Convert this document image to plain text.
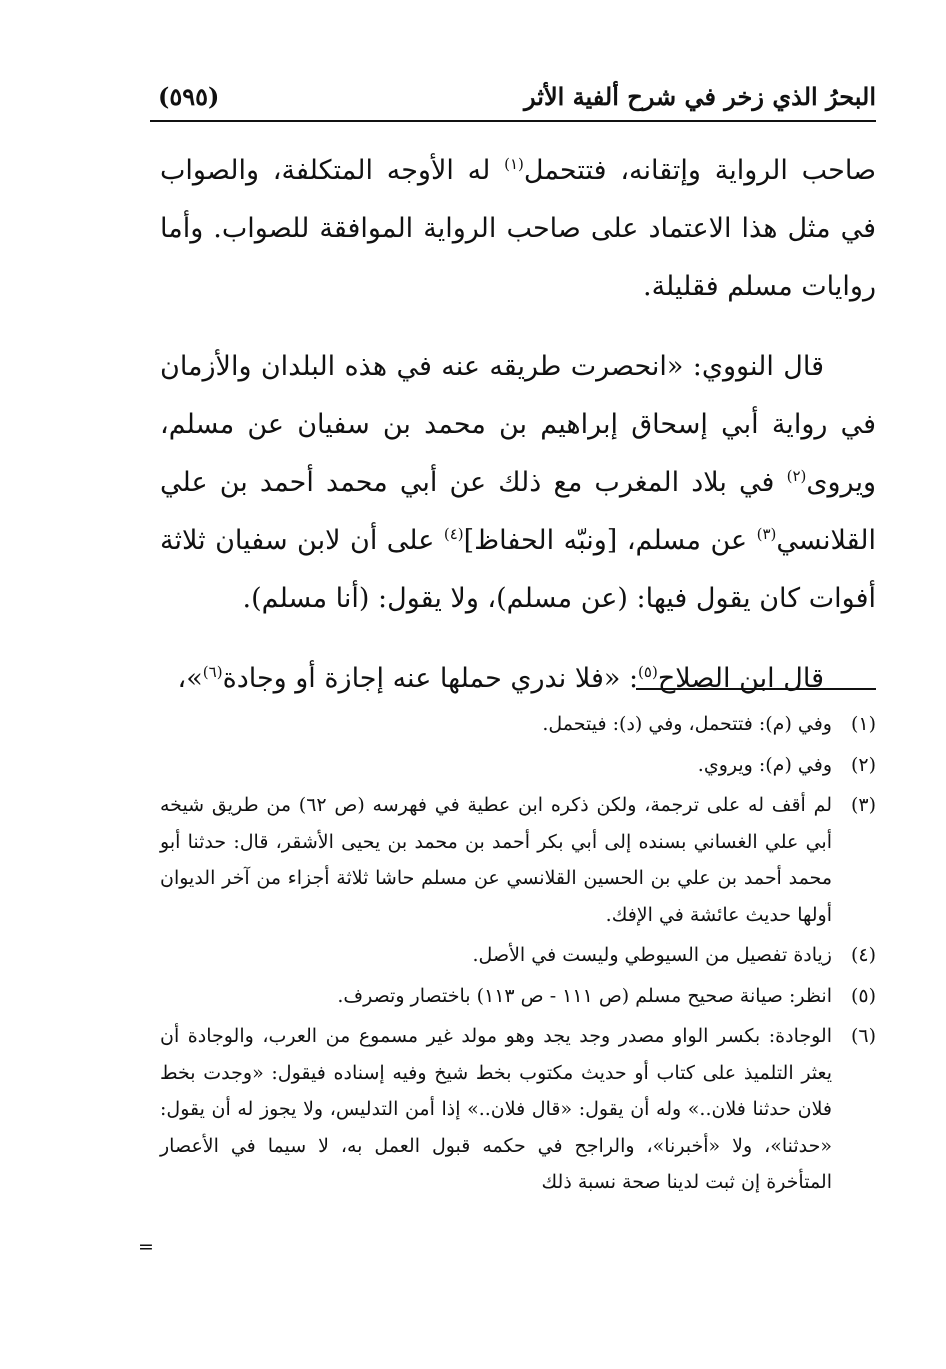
البحرُ الذي زخر في شرح ألفية الأثر
(٥٩٥)

صاحب الرواية وإتقانه، فتتحمل$^{(١)}$ له الأوجه المتكلفة، والصواب في مثل هذا الاعتماد على صاحب الرواية الموافقة للصواب. وأما روايات مسلم فقليلة.

قال النووي: «انحصرت طريقه عنه في هذه البلدان والأزمان في رواية أبي إسحاق إبراهيم بن محمد بن سفيان عن مسلم، ويروى$^{(٢)}$ في بلاد المغرب مع ذلك عن أبي محمد أحمد بن علي القلانسي$^{(٣)}$ عن مسلم، [ونبّه الحفاظ]$^{(٤)}$ على أن لابن سفيان ثلاثة أفوات كان يقول فيها: (عن مسلم)، ولا يقول: (أنا مسلم).

قال ابن الصلاح$^{(٥)}$: «فلا ندري حملها عنه إجازة أو وجادة$^{(٦)}$»،

(١)
وفي (م): فتتحمل، وفي (د): فيتحمل.
(٢)
وفي (م): ويروي.
(٣)
لم أقف له على ترجمة، ولكن ذكره ابن عطية في فهرسه (ص ٦٢) من طريق شيخه أبي علي الغساني بسنده إلى أبي بكر أحمد بن محمد بن يحيى الأشقر، قال: حدثنا أبو محمد أحمد بن علي بن الحسين القلانسي عن مسلم حاشا ثلاثة أجزاء من آخر الديوان أولها حديث عائشة في الإفك.
(٤)
زيادة تفصيل من السيوطي وليست في الأصل.
(٥)
انظر: صيانة صحيح مسلم (ص ١١١ - ص ١١٣) باختصار وتصرف.
(٦)
الوجادة: بكسر الواو مصدر وجد يجد وهو مولد غير مسموع من العرب، والوجادة أن يعثر التلميذ على كتاب أو حديث مكتوب بخط شيخ وفيه إسناده فيقول: «وجدت بخط فلان حدثنا فلان..» وله أن يقول: «قال فلان..» إذا أمن التدليس، ولا يجوز له أن يقول: «حدثنا»، ولا «أخبرنا»، والراجح في حكمه قبول العمل به، لا سيما في الأعصار المتأخرة إن ثبت لدينا صحة نسبة ذلك
=
